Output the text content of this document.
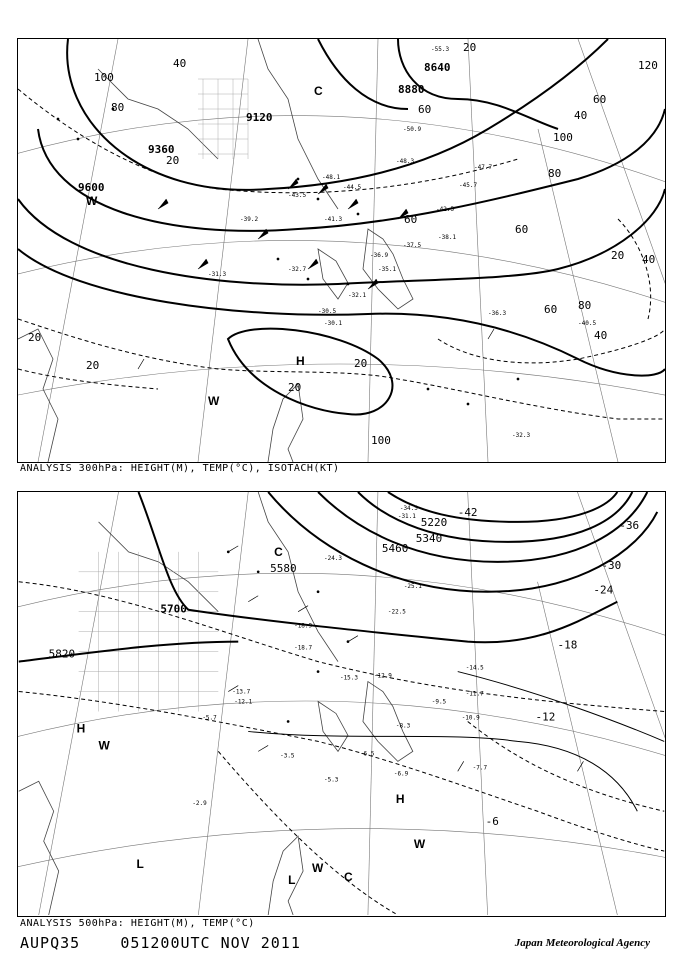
9600
9360
9120
8880
8640
100
80
40
20
20
20
60
60
20
100
80
60
40
120
60
40
20
40
20
20
100
80
60
H
W
C
W
-50.9
-48.3
-48.1
-44.5
-43.5
-42.5
-41.3
-39.2
-38.1
-37.5
-36.9
-35.1
-32.7
-32.1
-31.3
-30.5
-30.1
-36.3
-32.3
-40.5
-45.7
-47.7
-55.3
ANALYSIS 300hPa: HEIGHT(M), TEMP(°C), ISOTACH(KT)
5820
5700
5580
5460
5340
5220
-42
-36
-30
-24
-18
-12
-6
H
W
L
H
W
L
W
C
C
-34.5
-31.1
-24.3
-25.1
-22.5
-18.9
-18.7
-15.3
-14.5
-13.7
-12.9
-12.1
-11.7
-10.9
-9.5
-8.3
-7.7
-6.9
-6.5
-5.7
-5.3
-3.5
-2.9
ANALYSIS 500hPa: HEIGHT(M), TEMP(°C)
AUPQ35	051200UTC NOV 2011	Japan Meteorological Agency
